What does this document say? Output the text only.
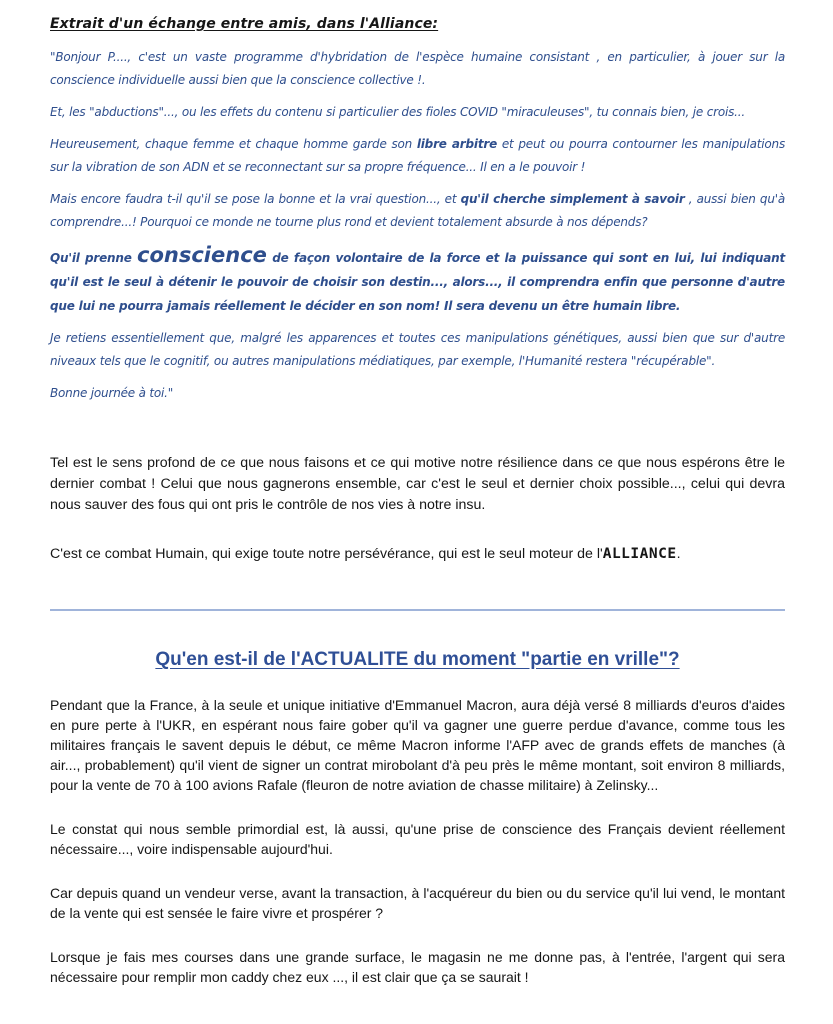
Extrait d'un échange entre amis, dans l'Alliance:

"Bonjour P...., c'est un vaste programme d'hybridation de l'espèce humaine consistant , en particulier, à jouer sur la conscience individuelle aussi bien que la conscience collective !.

Et, les "abductions"..., ou les effets du contenu si particulier des fioles COVID "miraculeuses", tu connais bien, je crois...

Heureusement, chaque femme et chaque homme garde son libre arbitre et peut ou pourra contourner les manipulations sur la vibration de son ADN et se reconnectant sur sa propre fréquence... Il en a le pouvoir !

Mais encore faudra t-il qu'il se pose la bonne et la vrai question..., et qu'il cherche simplement à savoir , aussi bien qu'à comprendre...! Pourquoi ce monde ne tourne plus rond et devient totalement absurde à nos dépends?

Qu'il prenne conscience de façon volontaire de la force et la puissance qui sont en lui, lui indiquant qu'il est le seul à détenir le pouvoir de choisir son destin..., alors..., il comprendra enfin que personne d'autre que lui ne pourra jamais réellement le décider en son nom! Il sera devenu un être humain libre.

Je retiens essentiellement que, malgré les apparences et toutes ces manipulations génétiques, aussi bien que sur d'autre niveaux tels que le cognitif, ou autres manipulations médiatiques, par exemple, l'Humanité restera "récupérable".

Bonne journée à toi."

Tel est le sens profond de ce que nous faisons et ce qui motive notre résilience dans ce que nous espérons être le dernier combat ! Celui que nous gagnerons ensemble, car c'est le seul et dernier choix possible..., celui qui devra nous sauver des fous qui ont pris le contrôle de nos vies à notre insu.

C'est ce combat Humain, qui exige toute notre persévérance, qui est le seul moteur de l'ALLIANCE.

Qu'en est-il de l'ACTUALITE du moment "partie en vrille"?

Pendant que la France, à la seule et unique initiative d'Emmanuel Macron, aura déjà versé 8 milliards d'euros d'aides en pure perte à l'UKR, en espérant nous faire gober qu'il va gagner une guerre perdue d'avance, comme tous les militaires français le savent depuis le début, ce même Macron informe l'AFP avec de grands effets de manches (à air..., probablement) qu'il vient de signer un contrat mirobolant d'à peu près le même montant, soit environ 8 milliards, pour la vente de 70 à 100 avions Rafale (fleuron de notre aviation de chasse militaire) à Zelinsky...

Le constat qui nous semble primordial est, là aussi, qu'une prise de conscience des Français devient réellement nécessaire..., voire indispensable aujourd'hui.

Car depuis quand un vendeur verse, avant la transaction, à l'acquéreur du bien ou du service qu'il lui vend, le montant de la vente qui est sensée le faire vivre et prospérer ?

Lorsque je fais mes courses dans une grande surface, le magasin ne me donne pas, à l'entrée, l'argent qui sera nécessaire pour remplir mon caddy chez eux ..., il est clair que ça se saurait !
